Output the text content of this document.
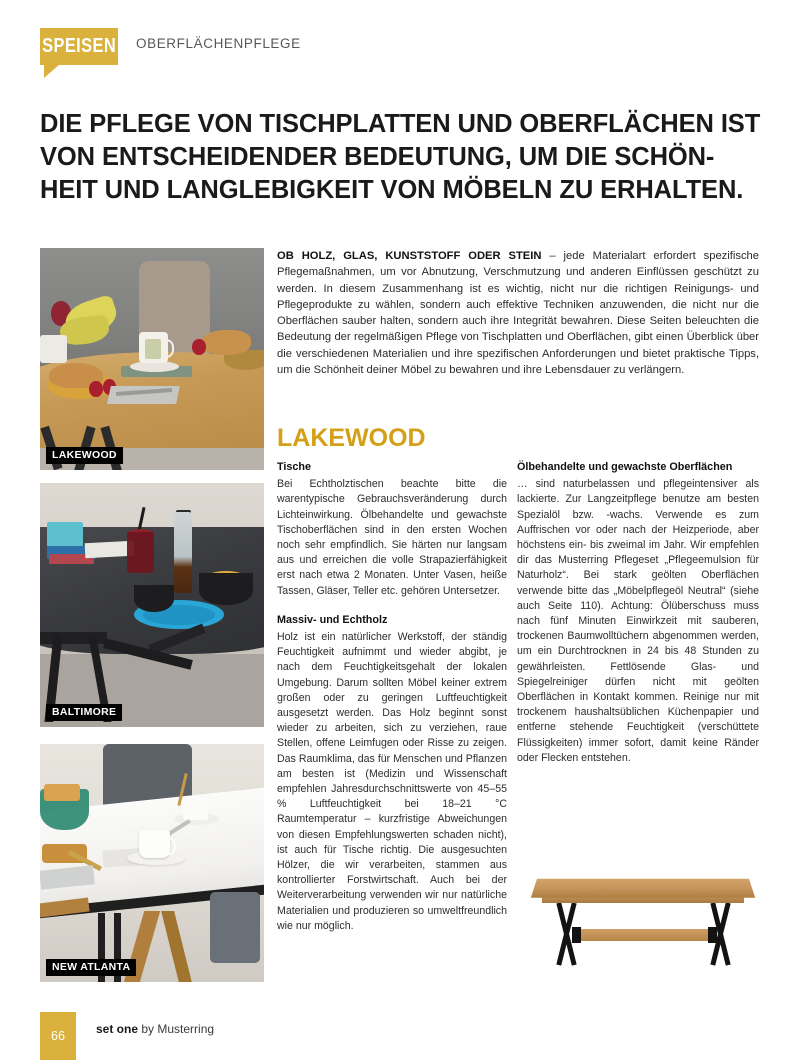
SPEISEN OBERFLÄCHENPFLEGE
DIE PFLEGE VON TISCHPLATTEN UND OBERFLÄCHEN IST
VON ENTSCHEIDENDER BEDEUTUNG, UM DIE SCHÖN-
HEIT UND LANGLEBIGKEIT VON MÖBELN ZU ERHALTEN.
OB HOLZ, GLAS, KUNSTSTOFF ODER STEIN – jede Materialart erfordert spezifische Pflegemaßnahmen, um vor Abnutzung, Verschmutzung und anderen Einflüssen geschützt zu werden. In diesem Zusammenhang ist es wichtig, nicht nur die richtigen Reinigungs- und Pflegeprodukte zu wählen, sondern auch effektive Techniken anzuwenden, die nicht nur die Oberflächen sauber halten, sondern auch ihre Integrität bewahren. Diese Seiten beleuchten die Bedeutung der regelmäßigen Pflege von Tischplatten und Oberflächen, gibt einen Überblick über die verschiedenen Materialien und ihre spezifischen Anforderungen und bietet praktische Tipps, um die Schönheit deiner Möbel zu bewahren und ihre Lebensdauer zu verlängern.
LAKEWOOD
BALTIMORE
NEW ATLANTA
LAKEWOOD
Tische

Bei Echtholztischen beachte bitte die warentypische Gebrauchsveränderung durch Lichteinwirkung. Ölbehandelte und gewachste Tischoberflächen sind in den ersten Wochen noch sehr empfindlich. Sie härten nur langsam aus und erreichen die volle Strapazierfähigkeit erst nach etwa 2 Monaten. Unter Vasen, heiße Tassen, Gläser, Teller etc. gehören Untersetzer.

Massiv- und Echtholz

Holz ist ein natürlicher Werkstoff, der ständig Feuchtigkeit aufnimmt und wieder abgibt, je nach dem Feuchtigkeitsgehalt der lokalen Umgebung. Darum sollten Möbel keiner extrem großen oder zu geringen Luftfeuchtigkeit ausgesetzt werden. Das Holz beginnt sonst wieder zu arbeiten, sich zu verziehen, raue Stellen, offene Leimfugen oder Risse zu zeigen. Das Raumklima, das für Menschen und Pflanzen am besten ist (Medizin und Wissenschaft empfehlen Jahresdurchschnittswerte von 45–55 % Luftfeuchtigkeit bei 18–21 °C Raumtemperatur – kurzfristige Abweichungen von diesen Empfehlungswerten schaden nicht), ist auch für Tische richtig. Die ausgesuchten Hölzer, die wir verarbeiten, stammen aus kontrollierter Forstwirtschaft. Auch bei der Weiterverarbeitung verwenden wir nur natürliche Materialien und produzieren so umweltfreundlich wie nur möglich.

Ölbehandelte und gewachste Oberflächen

… sind naturbelassen und pflegeintensiver als lackierte. Zur Langzeitpflege benutze am besten Spezialöl bzw. -wachs. Verwende es zum Auffrischen vor oder nach der Heizperiode, aber höchstens ein- bis zweimal im Jahr. Wir empfehlen dir das Musterring Pflegeset „Pflegeemulsion für Naturholz“. Bei stark geölten Oberflächen verwende bitte das „Möbelpflegeöl Neutral“ (siehe auch Seite 110). Achtung: Ölüberschuss muss nach fünf Minuten Einwirkzeit mit sauberen, trockenen Baumwolltüchern abgenommen werden, um ein Durchtrocknen in 24 bis 48 Stunden zu gewährleisten. Fettlösende Glas- und Spiegelreiniger dürfen nicht mit geölten Oberflächen in Kontakt kommen. Reinige nur mit trockenem haushaltsüblichen Küchenpapier und entferne stehende Feuchtigkeit (verschüttete Flüssigkeiten) immer sofort, damit keine Ränder oder Flecken entstehen.

66	set one by Musterring
